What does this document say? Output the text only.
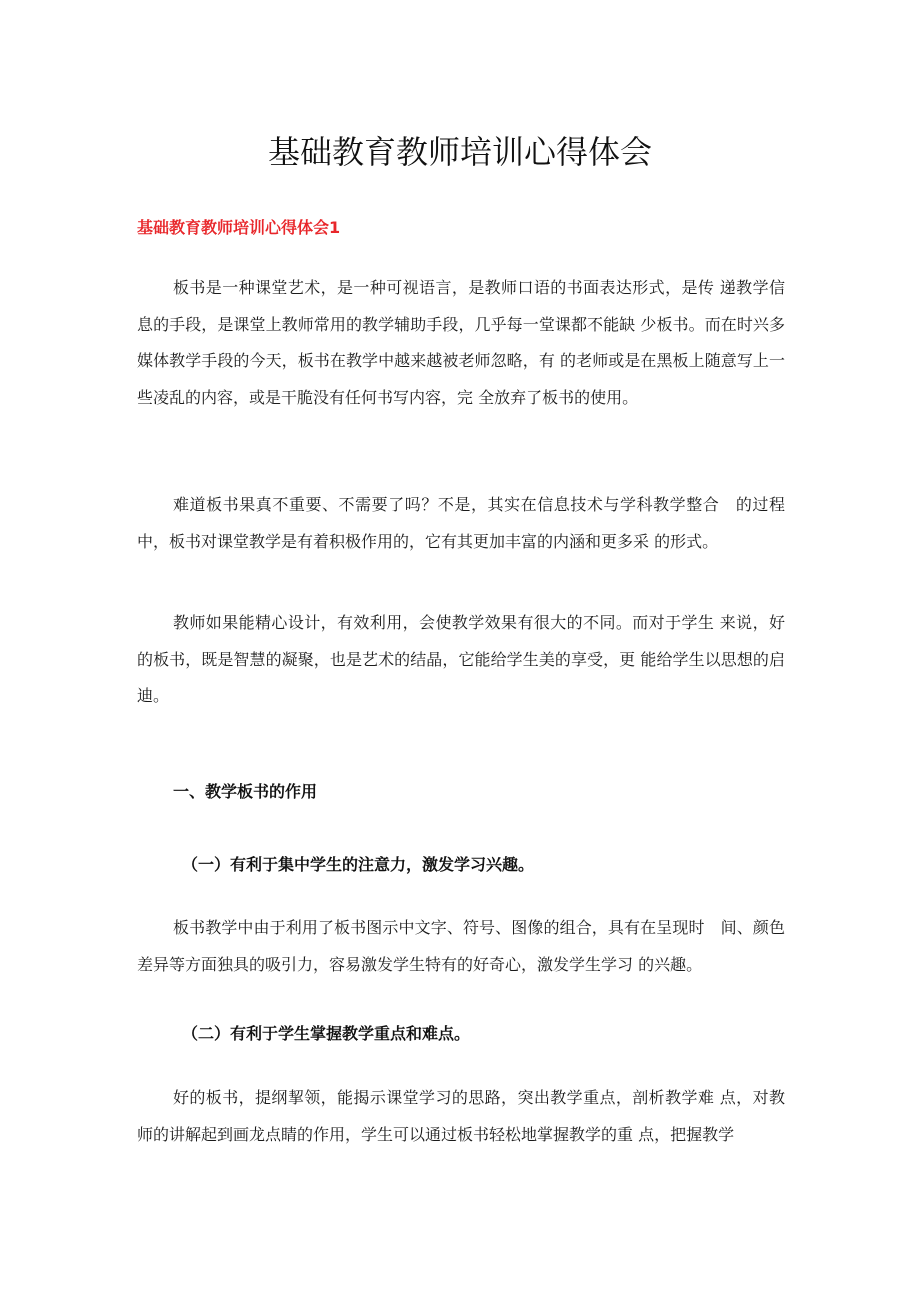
基础教育教师培训心得体会
基础教育教师培训心得体会1
板书是一种课堂艺术，是一种可视语言，是教师口语的书面表达形式，是传 递教学信息的手段，是课堂上教师常用的教学辅助手段，几乎每一堂课都不能缺 少板书。而在时兴多媒体教学手段的今天，板书在教学中越来越被老师忽略，有 的老师或是在黑板上随意写上一些凌乱的内容，或是干脆没有任何书写内容，完 全放弃了板书的使用。
难道板书果真不重要、不需要了吗？不是，其实在信息技术与学科教学整合　的过程中，板书对课堂教学是有着积极作用的，它有其更加丰富的内涵和更多采 的形式。
教师如果能精心设计，有效利用，会使教学效果有很大的不同。而对于学生 来说，好的板书，既是智慧的凝聚，也是艺术的结晶，它能给学生美的享受，更 能给学生以思想的启迪。
一、教学板书的作用
（一）有利于集中学生的注意力，激发学习兴趣。
板书教学中由于利用了板书图示中文字、符号、图像的组合，具有在呈现时　间、颜色差异等方面独具的吸引力，容易激发学生特有的好奇心，激发学生学习 的兴趣。
（二）有利于学生掌握教学重点和难点。
好的板书，提纲挈领，能揭示课堂学习的思路，突出教学重点，剖析教学难 点，对教师的讲解起到画龙点睛的作用，学生可以通过板书轻松地掌握教学的重 点，把握教学
